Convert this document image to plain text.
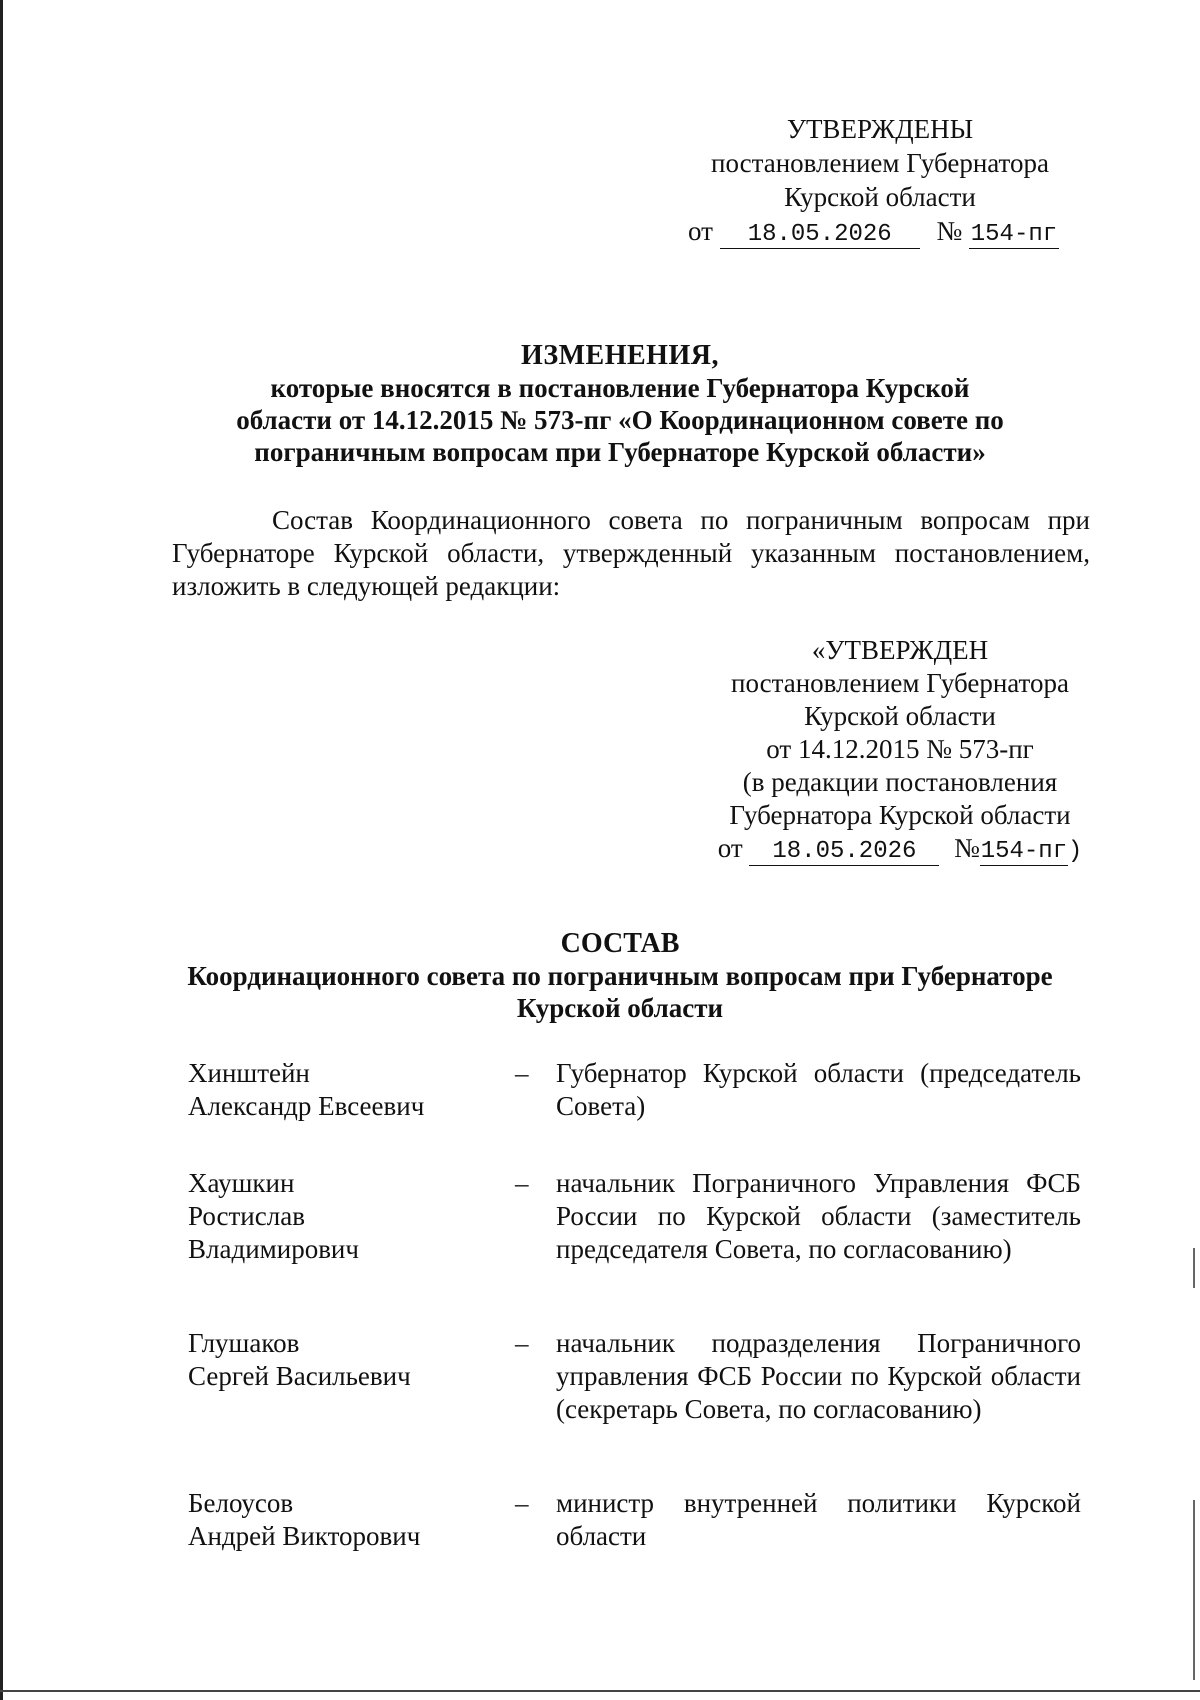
УТВЕРЖДЕНЫ
постановлением Губернатора
Курской области
от 18.05.2026 № 154-пг
ИЗМЕНЕНИЯ,
которые вносятся в постановление Губернатора Курской
области от 14.12.2015 № 573-пг «О Координационном совете по
пограничным вопросам при Губернаторе Курской области»
Состав Координационного совета по пограничным вопросам при Губернаторе Курской области, утвержденный указанным постановлением, изложить в следующей редакции:
«УТВЕРЖДЕН
постановлением Губернатора
Курской области
от 14.12.2015 № 573-пг
(в редакции постановления
Губернатора Курской области
от 18.05.2026 №154-пг)
СОСТАВ
Координационного совета по пограничным вопросам при Губернаторе
Курской области
Хинштейн
Александр Евсеевич
–	Губернатор Курской области (председатель Совета)
Хаушкин
Ростислав
Владимирович
–	начальник Пограничного Управления ФСБ России по Курской области (заместитель председателя Совета, по согласованию)
Глушаков
Сергей Васильевич
–	начальник подразделения Пограничного управления ФСБ России по Курской области (секретарь Совета, по согласованию)
Белоусов
Андрей Викторович
–	министр внутренней политики Курской области
